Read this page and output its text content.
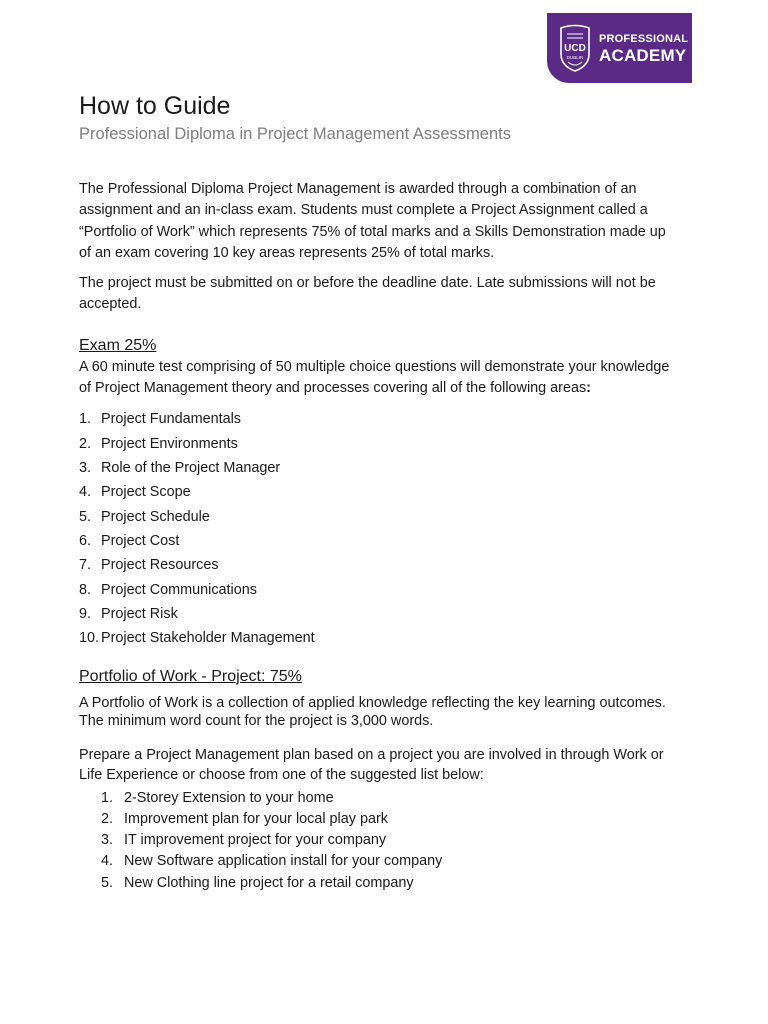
UCD
DUBLIN
PROFESSIONAL
ACADEMY
How to Guide
Professional Diploma in Project Management Assessments

The Professional Diploma Project Management is awarded through a combination of an assignment and an in-class exam. Students must complete a Project Assignment called a “Portfolio of Work” which represents 75% of total marks and a Skills Demonstration made up of an exam covering 10 key areas represents 25% of total marks.

The project must be submitted on or before the deadline date. Late submissions will not be accepted.

Exam 25%

A 60 minute test comprising of 50 multiple choice questions will demonstrate your knowledge of Project Management theory and processes covering all of the following areas:

1. Project Fundamentals
2. Project Environments
3. Role of the Project Manager
4. Project Scope
5. Project Schedule
6. Project Cost
7. Project Resources
8. Project Communications
9. Project Risk
10. Project Stakeholder Management
Portfolio of Work - Project: 75%

A Portfolio of Work is a collection of applied knowledge reflecting the key learning outcomes. The minimum word count for the project is 3,000 words.

Prepare a Project Management plan based on a project you are involved in through Work or Life Experience or choose from one of the suggested list below:

1. 2-Storey Extension to your home
2. Improvement plan for your local play park
3. IT improvement project for your company
4. New Software application install for your company
5. New Clothing line project for a retail company
